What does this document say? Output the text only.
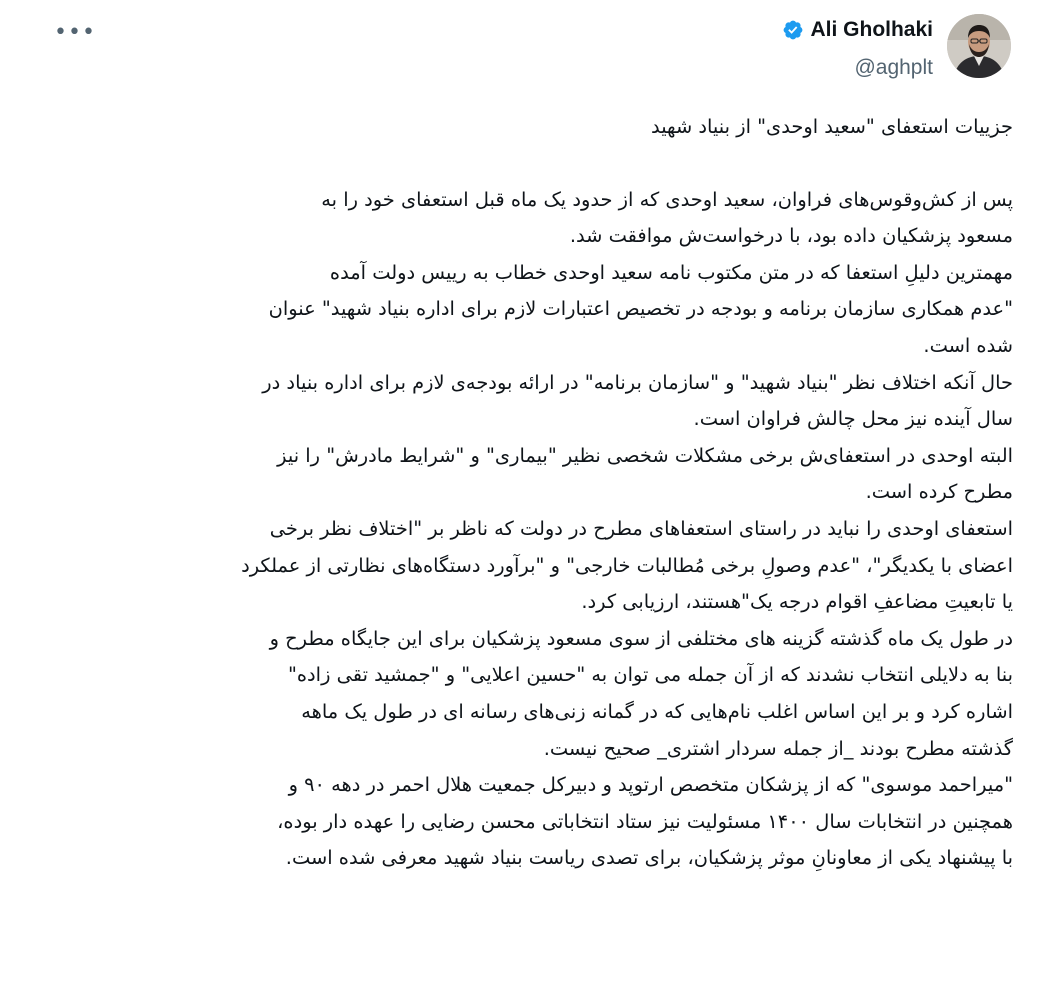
•••	Ali Gholhaki
@aghplt

جزییات استعفای "سعید اوحدی" از بنیاد شهید

پس از کش‌وقوس‌های فراوان، سعید اوحدی که از حدود یک ماه قبل استعفای خود را به

مسعود پزشکیان داده بود، با درخواست‌ش موافقت شد.

مهمترین دلیلِ استعفا که در متن مکتوب نامه سعید اوحدی خطاب به رییس دولت آمده

"عدم همکاری سازمان برنامه و بودجه در تخصیص اعتبارات لازم برای اداره بنیاد شهید" عنوان

شده است.

حال آنکه اختلاف نظر "بنیاد شهید" و "سازمان برنامه" در ارائه بودجه‌ی لازم برای اداره بنیاد در

سال آینده نیز محل چالش فراوان است.

البته اوحدی در استعفای‌ش برخی مشکلات شخصی نظیر "بیماری" و "شرایط مادرش" را نیز

مطرح کرده است.

استعفای اوحدی را نباید در راستای استعفاهای مطرح در دولت که ناظر بر "اختلاف نظر برخی

اعضای با یکدیگر"، "عدم وصولِ برخی مُطالبات خارجی" و "برآورد دستگاه‌های نظارتی از عملکرد

یا تابعیتِ مضاعفِ اقوام درجه یک"هستند، ارزیابی کرد.

در طول یک ماه گذشته گزینه های مختلفی از سوی مسعود پزشکیان برای این جایگاه مطرح و

بنا به دلایلی انتخاب نشدند که از آن جمله می توان به "حسین اعلایی" و "جمشید تقی زاده"

اشاره کرد و بر این اساس اغلب نام‌هایی که در گمانه زنی‌های رسانه ای در طول یک ماهه

گذشته مطرح بودند _از جمله سردار اشتری_ صحیح نیست.

"میراحمد موسوی" که از پزشکان متخصص ارتوپد و دبیرکل جمعیت هلال احمر در دهه ۹۰ و

همچنین در انتخابات سال ۱۴۰۰ مسئولیت نیز ستاد انتخاباتی محسن رضایی را عهده دار بوده،

با پیشنهاد یکی از معاونانِ موثر پزشکیان، برای تصدی ریاست بنیاد شهید معرفی شده است.
